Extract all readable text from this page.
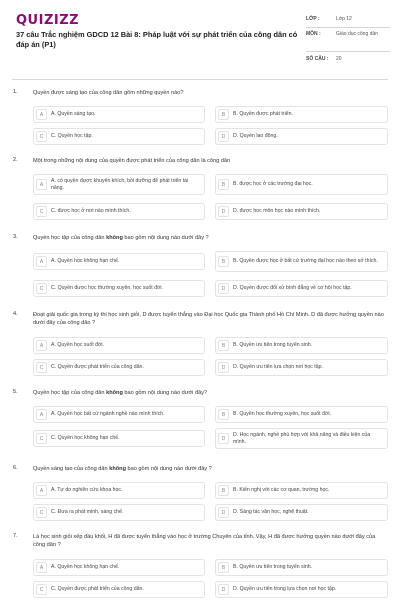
QUIZIZZ
37 câu Trắc nghiệm GDCD 12 Bài 8: Pháp luật với sự phát triển của công dân có đáp án (P1)
LỚP :	Lớp 12
MÔN :	Giáo dục công dân
SỐ CÂU :	20
1.	Quyền được sáng tạo của công dân gồm những quyền nào?
A	A. Quyền sáng tạo.	B	B. Quyền được phát triển.
C	C. Quyền học tập.	D	D. Quyền lao động.
2.	Một trong những nội dung của quyền được phát triển của công dân là công dân
A
A. có quyền được khuyến khích, bồi dưỡng để phát triển tài năng.	B	B. được học ở các trường đại học.
C	C. được học ở nơi nào mình thích.	D	D. được học môn học nào mình thích.
3.	Quyền học tập của công dân không bao gồm nội dung nào dưới đây ?
A	A. Quyền học không hạn chế.	B	B. Quyền được học ở bất cứ trường đại học nào theo sở thích.
C	C. Quyền được học thường xuyên, học suốt đời.	D	D. Quyền được đối xử bình đẳng về cơ hội học tập.
4.	Đoạt giải quốc gia trong kỳ thi học sinh giỏi, D được tuyển thẳng vào Đại học Quốc gia Thành phố Hồ Chí Minh. D đã được hưởng quyền nào dưới đây của công dân ?
A	A. Quyền học suốt đời.	B	B. Quyền ưu tiên trong tuyển sinh.
C	C. Quyền được phát triển của công dân.	D	D. Quyền ưu tiên lựa chọn nơi học tập.
5.	Quyền học tập của công dân không bao gồm nội dung nào dưới đây?
A	A. Quyền học bất cứ ngành nghề nào mình thích.	B	B. Quyền học thường xuyên, học suốt đời.
C	C. Quyền học không hạn chế.	D
D. Học ngành, nghề phù hợp với khả năng và điều kiện của mình.
6.	Quyền sáng tạo của công dân không bao gồm nội dung nào dưới đây ?
A	A. Tự do nghiên cứu khoa học.	B	B. Kiến nghị với các cơ quan, trường học.
C	C. Đưa ra phát minh, sáng chế.	D	D. Sáng tác văn học, nghệ thuật.
7.	Là học sinh giỏi xếp đầu khối, H đã được tuyển thẳng vào học ở trường Chuyên của tỉnh. Vậy, H đã được hưởng quyền nào dưới đây của công dân ?
A	A. Quyền học không hạn chế.	B	B. Quyền ưu tiên trong tuyển sinh.
C	C. Quyền được phát triển của công dân.	D	D. Quyền ưu tiên trong lựa chọn nơi học tập.
